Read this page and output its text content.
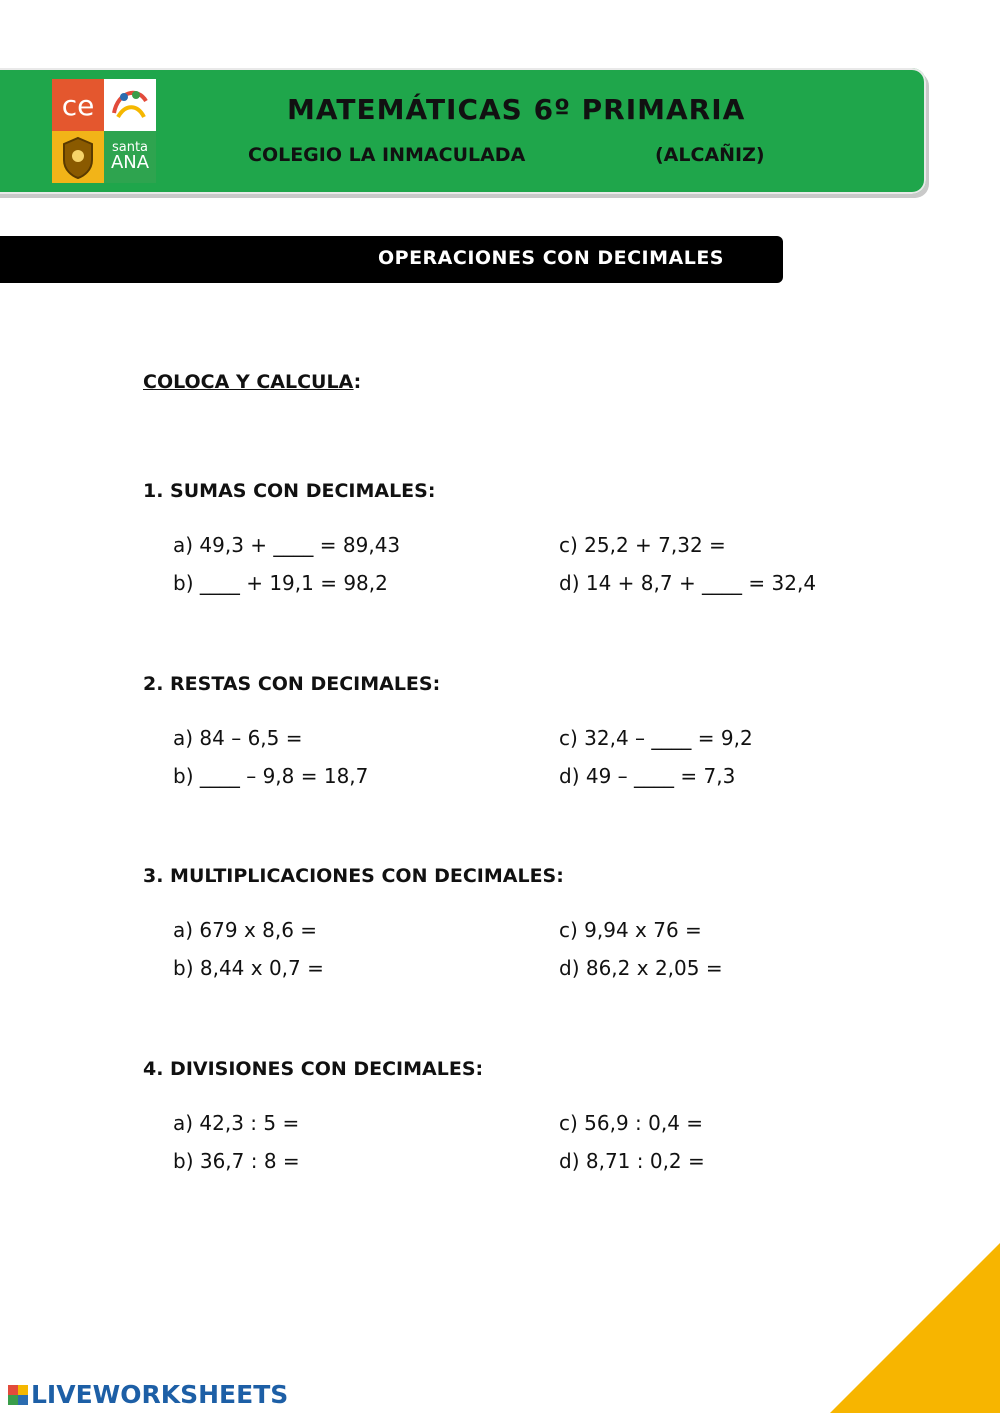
ce
santa
ANA
MATEMÁTICAS 6º PRIMARIA
COLEGIO LA INMACULADA	(ALCAÑIZ)
OPERACIONES CON DECIMALES
COLOCA Y CALCULA:
1. SUMAS CON DECIMALES:
a) 49,3 + ____ = 89,43	c) 25,2 + 7,32 =
b) ____ + 19,1 = 98,2	d) 14 + 8,7 + ____ = 32,4
2. RESTAS CON DECIMALES:
a) 84 – 6,5 =	c) 32,4 – ____ = 9,2
b) ____ – 9,8 = 18,7	d) 49 – ____ = 7,3
3. MULTIPLICACIONES CON DECIMALES:
a) 679 x 8,6 =	c) 9,94 x 76 =
b) 8,44 x 0,7 =	d) 86,2 x 2,05 =
4. DIVISIONES CON DECIMALES:
a) 42,3 : 5 =	c) 56,9 : 0,4 =
b) 36,7 : 8 =	d) 8,71 : 0,2 =
LIVEWORKSHEETS
